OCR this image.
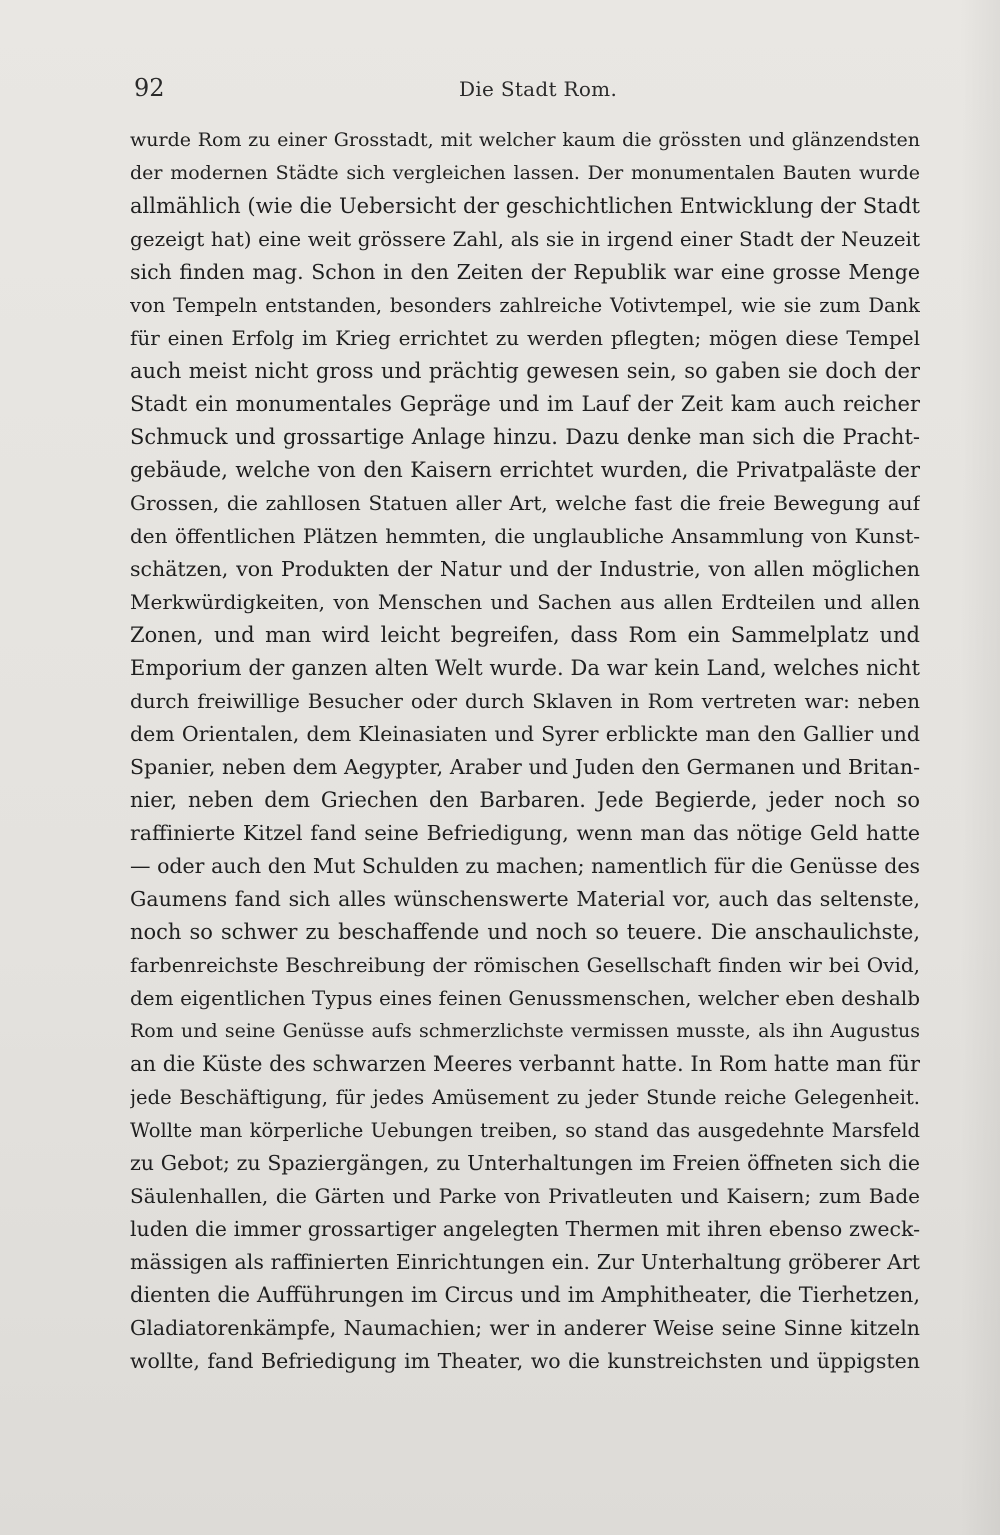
92	Die Stadt Rom.
wurde Rom zu einer Grosstadt, mit welcher kaum die grössten und glänzendsten
der modernen Städte sich vergleichen lassen. Der monumentalen Bauten wurde
allmählich (wie die Uebersicht der geschichtlichen Entwicklung der Stadt
gezeigt hat) eine weit grössere Zahl, als sie in irgend einer Stadt der Neuzeit
sich finden mag. Schon in den Zeiten der Republik war eine grosse Menge
von Tempeln entstanden, besonders zahlreiche Votivtempel, wie sie zum Dank
für einen Erfolg im Krieg errichtet zu werden pflegten; mögen diese Tempel
auch meist nicht gross und prächtig gewesen sein, so gaben sie doch der
Stadt ein monumentales Gepräge und im Lauf der Zeit kam auch reicher
Schmuck und grossartige Anlage hinzu. Dazu denke man sich die Pracht-
gebäude, welche von den Kaisern errichtet wurden, die Privatpaläste der
Grossen, die zahllosen Statuen aller Art, welche fast die freie Bewegung auf
den öffentlichen Plätzen hemmten, die unglaubliche Ansammlung von Kunst-
schätzen, von Produkten der Natur und der Industrie, von allen möglichen
Merkwürdigkeiten, von Menschen und Sachen aus allen Erdteilen und allen
Zonen, und man wird leicht begreifen, dass Rom ein Sammelplatz und
Emporium der ganzen alten Welt wurde. Da war kein Land, welches nicht
durch freiwillige Besucher oder durch Sklaven in Rom vertreten war: neben
dem Orientalen, dem Kleinasiaten und Syrer erblickte man den Gallier und
Spanier, neben dem Aegypter, Araber und Juden den Germanen und Britan-
nier, neben dem Griechen den Barbaren. Jede Begierde, jeder noch so
raffinierte Kitzel fand seine Befriedigung, wenn man das nötige Geld hatte
— oder auch den Mut Schulden zu machen; namentlich für die Genüsse des
Gaumens fand sich alles wünschenswerte Material vor, auch das seltenste,
noch so schwer zu beschaffende und noch so teuere. Die anschaulichste,
farbenreichste Beschreibung der römischen Gesellschaft finden wir bei Ovid,
dem eigentlichen Typus eines feinen Genussmenschen, welcher eben deshalb
Rom und seine Genüsse aufs schmerzlichste vermissen musste, als ihn Augustus
an die Küste des schwarzen Meeres verbannt hatte. In Rom hatte man für
jede Beschäftigung, für jedes Amüsement zu jeder Stunde reiche Gelegenheit.
Wollte man körperliche Uebungen treiben, so stand das ausgedehnte Marsfeld
zu Gebot; zu Spaziergängen, zu Unterhaltungen im Freien öffneten sich die
Säulenhallen, die Gärten und Parke von Privatleuten und Kaisern; zum Bade
luden die immer grossartiger angelegten Thermen mit ihren ebenso zweck-
mässigen als raffinierten Einrichtungen ein. Zur Unterhaltung gröberer Art
dienten die Aufführungen im Circus und im Amphitheater, die Tierhetzen,
Gladiatorenkämpfe, Naumachien; wer in anderer Weise seine Sinne kitzeln
wollte, fand Befriedigung im Theater, wo die kunstreichsten und üppigsten
